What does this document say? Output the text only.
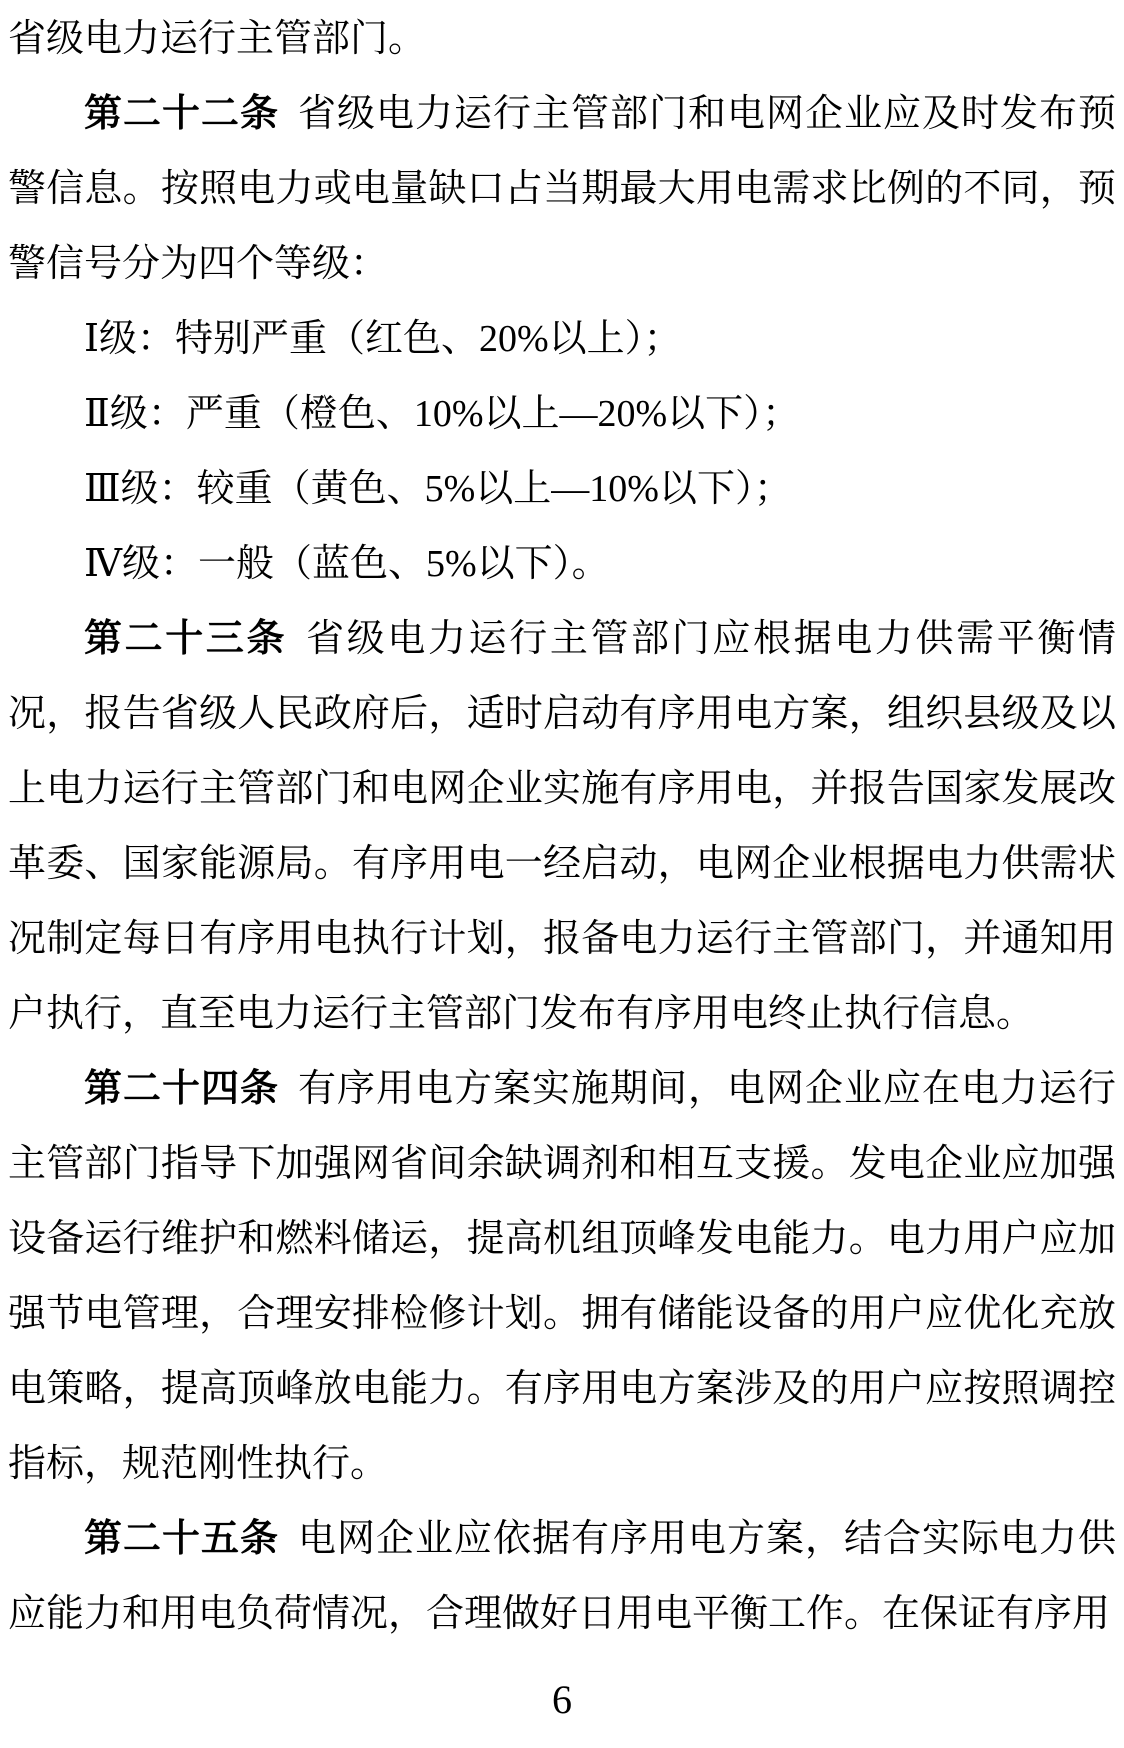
省级电力运行主管部门。

第二十二条 省级电力运行主管部门和电网企业应及时发布预警信息。按照电力或电量缺口占当期最大用电需求比例的不同，预警信号分为四个等级：

Ⅰ级：特别严重（红色、20%以上）；

Ⅱ级：严重（橙色、10%以上—20%以下）；

Ⅲ级：较重（黄色、5%以上—10%以下）；

Ⅳ级：一般（蓝色、5%以下）。

第二十三条 省级电力运行主管部门应根据电力供需平衡情况，报告省级人民政府后，适时启动有序用电方案，组织县级及以上电力运行主管部门和电网企业实施有序用电，并报告国家发展改革委、国家能源局。有序用电一经启动，电网企业根据电力供需状况制定每日有序用电执行计划，报备电力运行主管部门，并通知用户执行，直至电力运行主管部门发布有序用电终止执行信息。

第二十四条 有序用电方案实施期间，电网企业应在电力运行主管部门指导下加强网省间余缺调剂和相互支援。发电企业应加强设备运行维护和燃料储运，提高机组顶峰发电能力。电力用户应加强节电管理，合理安排检修计划。拥有储能设备的用户应优化充放电策略，提高顶峰放电能力。有序用电方案涉及的用户应按照调控指标，规范刚性执行。

第二十五条 电网企业应依据有序用电方案，结合实际电力供应能力和用电负荷情况，合理做好日用电平衡工作。在保证有序用

6
